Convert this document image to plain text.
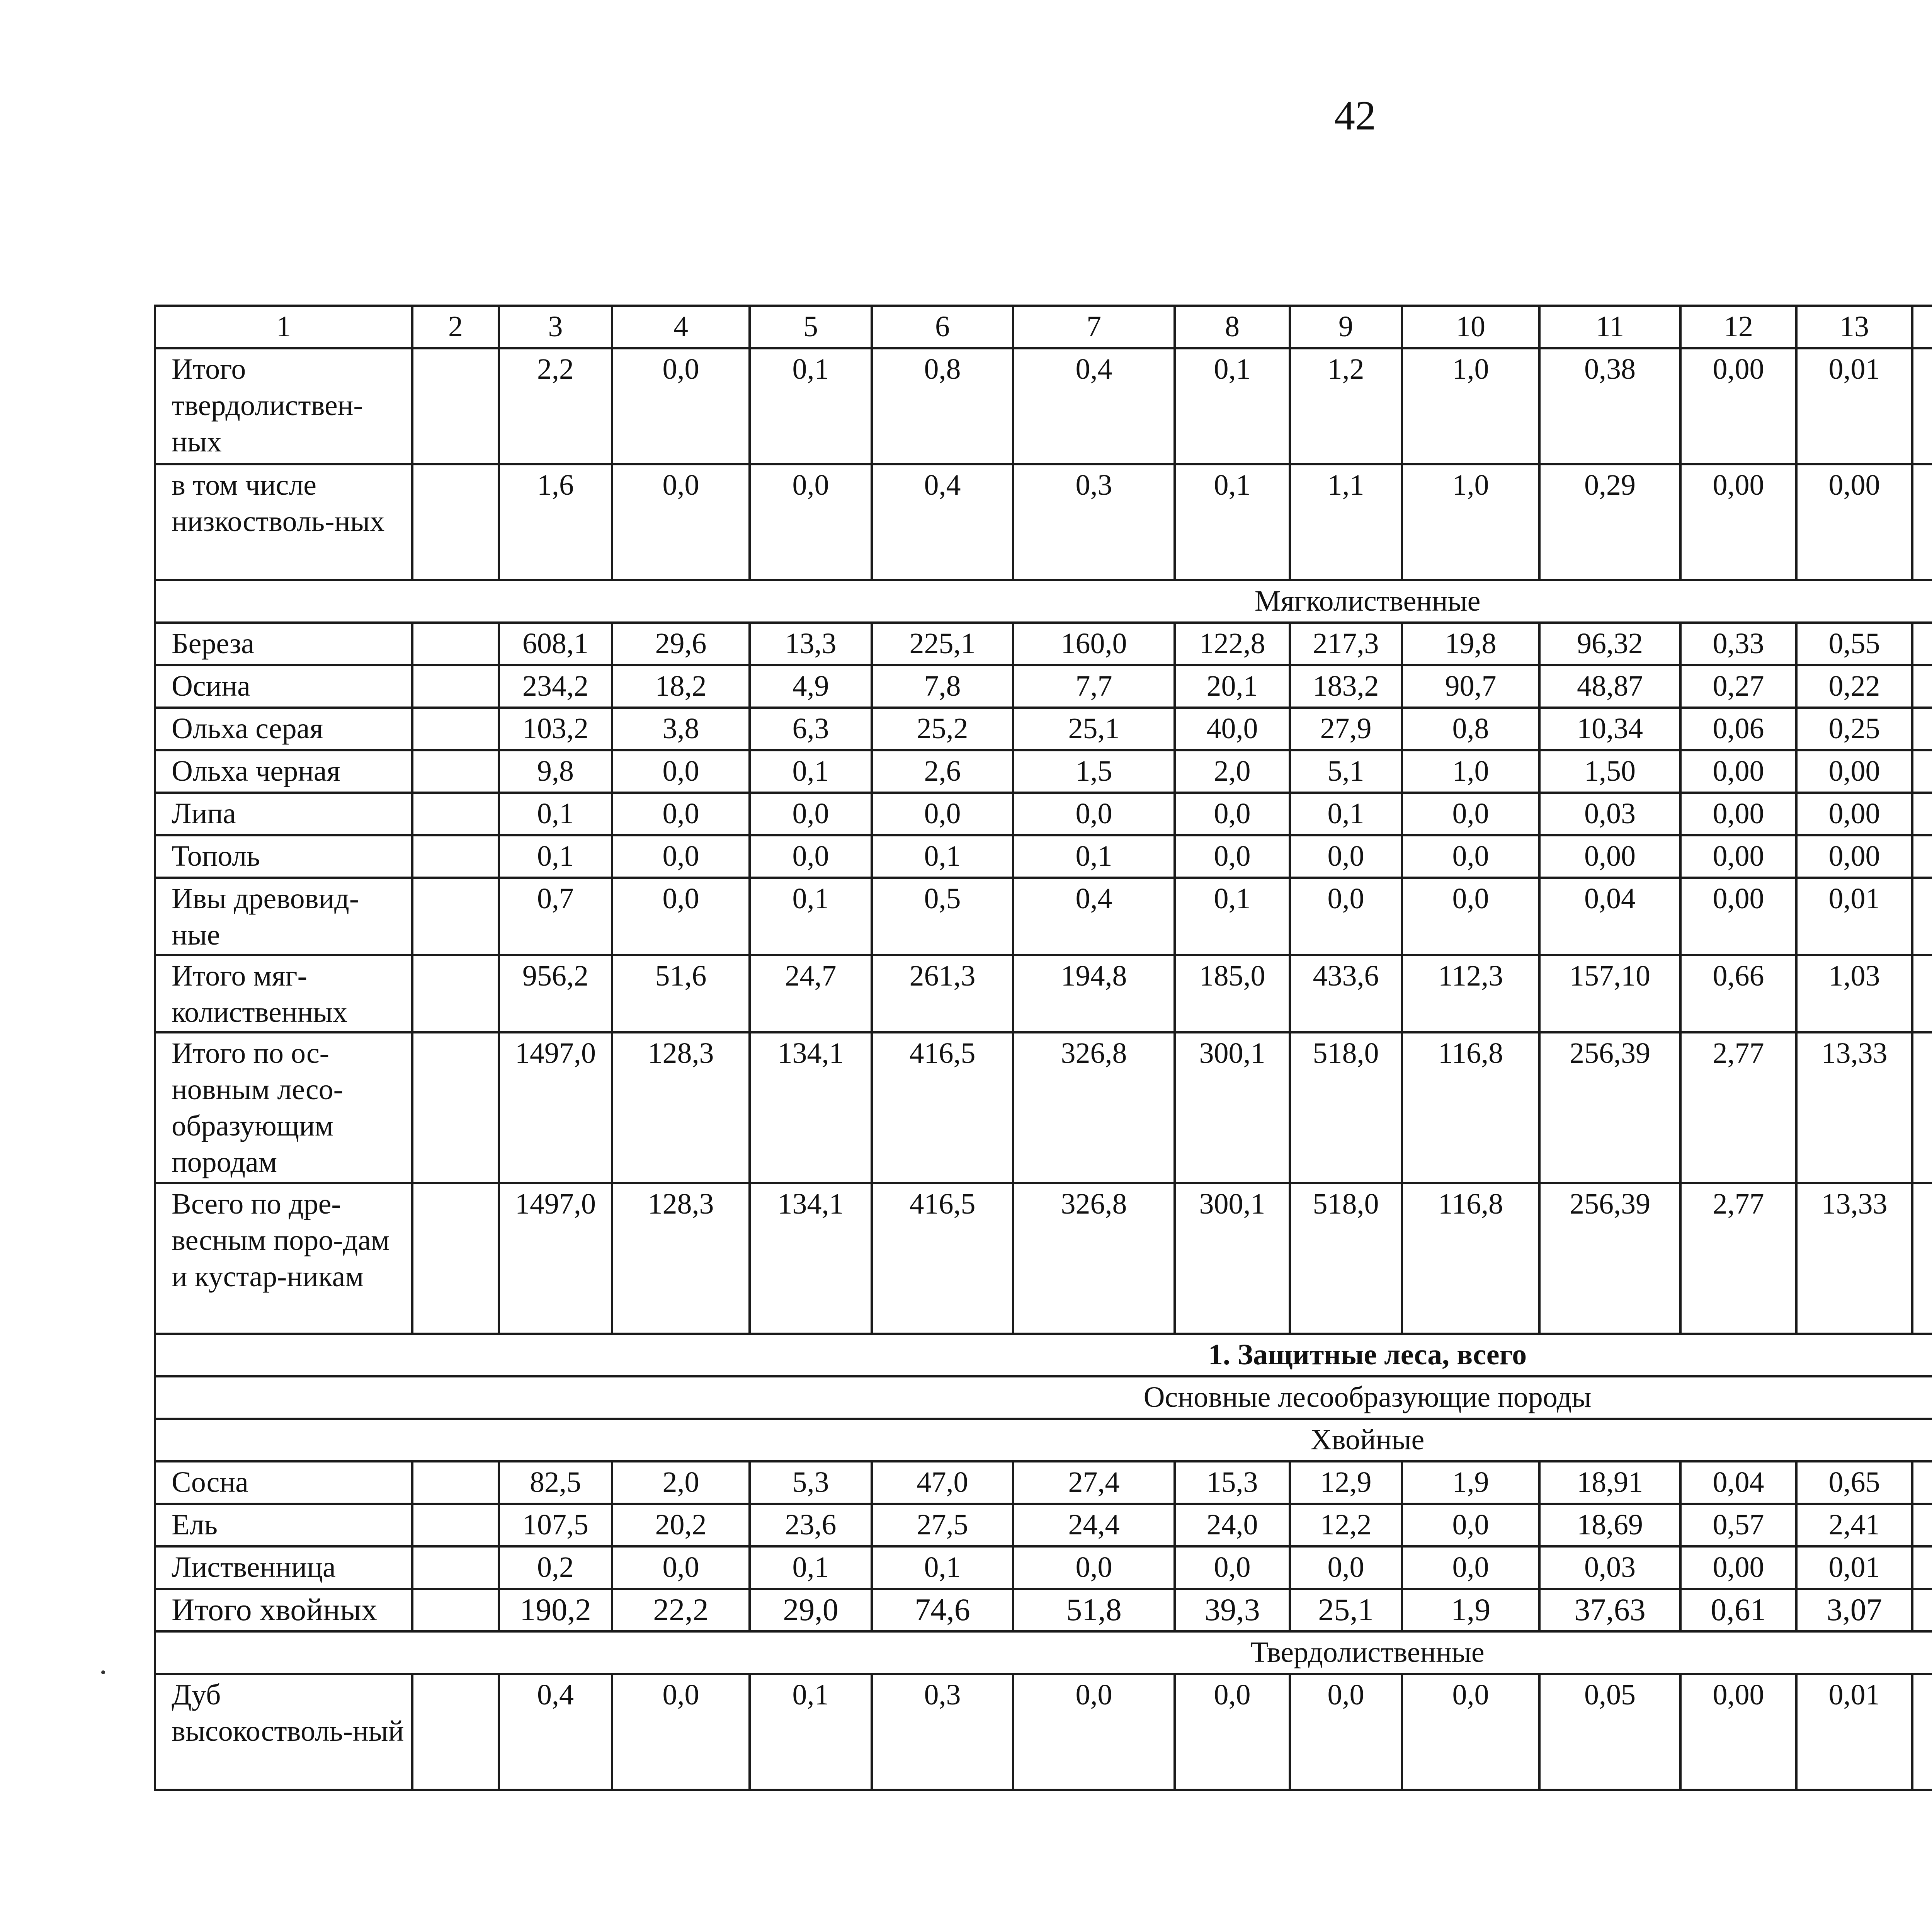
42
1	2	3	4	5	6	7	8	9	10	11	12	13						
Итого твердолиствен-ных		2,2	0,0	0,1	0,8	0,4	0,1	1,2	1,0	0,38	0,00	0,01						
в том числе низкостволь-ных		1,6	0,0	0,0	0,4	0,3	0,1	1,1	1,0	0,29	0,00	0,00						
Мягколиственные																		
Береза		608,1	29,6	13,3	225,1	160,0	122,8	217,3	19,8	96,32	0,33	0,55						
Осина		234,2	18,2	4,9	7,8	7,7	20,1	183,2	90,7	48,87	0,27	0,22						
Ольха серая		103,2	3,8	6,3	25,2	25,1	40,0	27,9	0,8	10,34	0,06	0,25						
Ольха черная		9,8	0,0	0,1	2,6	1,5	2,0	5,1	1,0	1,50	0,00	0,00						
Липа		0,1	0,0	0,0	0,0	0,0	0,0	0,1	0,0	0,03	0,00	0,00						
Тополь		0,1	0,0	0,0	0,1	0,1	0,0	0,0	0,0	0,00	0,00	0,00						
Ивы древовид-ные		0,7	0,0	0,1	0,5	0,4	0,1	0,0	0,0	0,04	0,00	0,01						
Итого мяг-колиственных		956,2	51,6	24,7	261,3	194,8	185,0	433,6	112,3	157,10	0,66	1,03						
Итого по ос-новным лесо-образующим породам		1497,0	128,3	134,1	416,5	326,8	300,1	518,0	116,8	256,39	2,77	13,33						
Всего по дре-весным поро-дам и кустар-никам		1497,0	128,3	134,1	416,5	326,8	300,1	518,0	116,8	256,39	2,77	13,33						
1. Защитные леса, всего																		
Основные лесообразующие породы																		
Хвойные																		
Сосна		82,5	2,0	5,3	47,0	27,4	15,3	12,9	1,9	18,91	0,04	0,65						
Ель		107,5	20,2	23,6	27,5	24,4	24,0	12,2	0,0	18,69	0,57	2,41						
Лиственница		0,2	0,0	0,1	0,1	0,0	0,0	0,0	0,0	0,03	0,00	0,01						
Итого хвойных		190,2	22,2	29,0	74,6	51,8	39,3	25,1	1,9	37,63	0,61	3,07						
Твердолиственные																		
Дуб высокостволь-ный		0,4	0,0	0,1	0,3	0,0	0,0	0,0	0,0	0,05	0,00	0,01						
